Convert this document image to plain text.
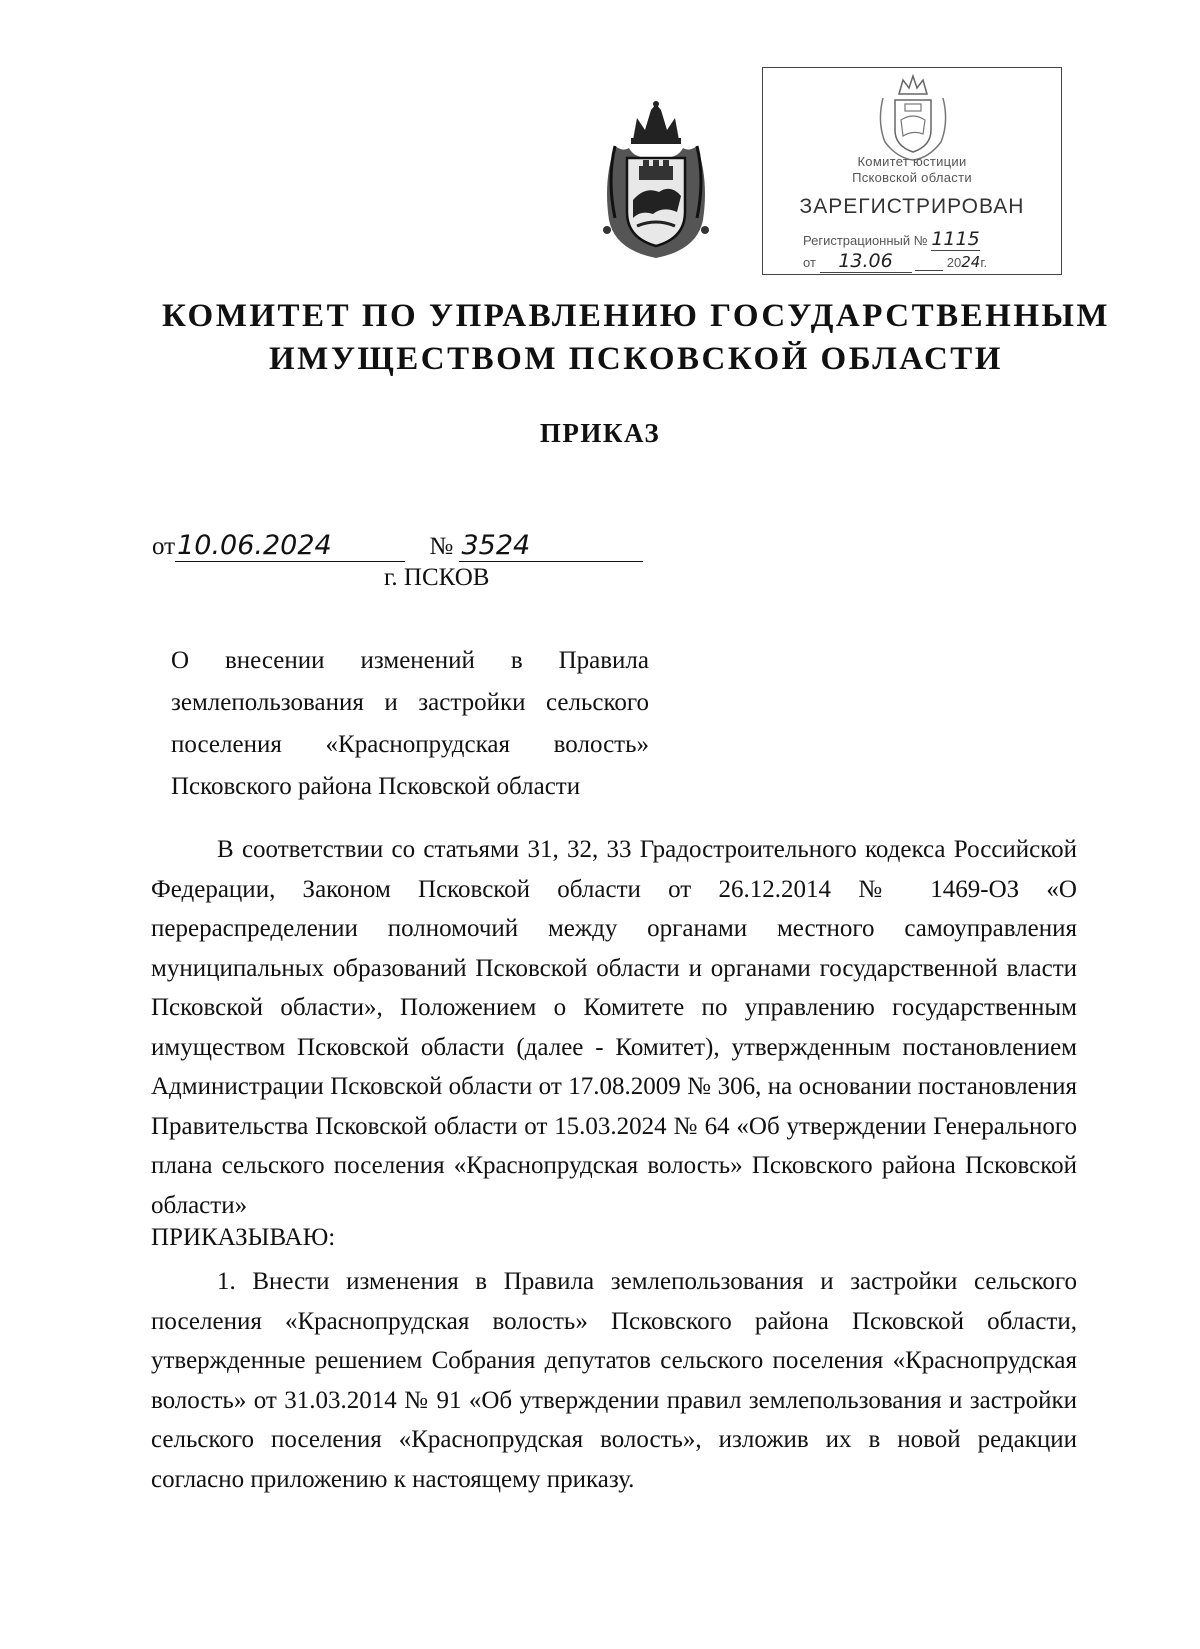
Комитет юстиции
Псковской области
ЗАРЕГИСТРИРОВАН
Регистрационный № 1115
от 13.06	2024г.
КОМИТЕТ ПО УПРАВЛЕНИЮ ГОСУДАРСТВЕННЫМ
ИМУЩЕСТВОМ ПСКОВСКОЙ ОБЛАСТИ
ПРИКАЗ
от10.06.2024	№ 3524
г. ПСКОВ
О внесении изменений в Правила землепользования и застройки сельского поселения «Краснопрудская волость» Псковского района Псковской области
В соответствии со статьями 31, 32, 33 Градостроительного кодекса Российской Федерации, Законом Псковской области от 26.12.2014 № 1469-ОЗ «О перераспределении полномочий между органами местного самоуправления муниципальных образований Псковской области и органами государственной власти Псковской области», Положением о Комитете по управлению государственным имуществом Псковской области (далее - Комитет), утвержденным постановлением Администрации Псковской области от 17.08.2009 № 306, на основании постановления Правительства Псковской области от 15.03.2024 № 64 «Об утверждении Генерального плана сельского поселения «Краснопрудская волость» Псковского района Псковской области»
ПРИКАЗЫВАЮ:
1. Внести изменения в Правила землепользования и застройки сельского поселения «Краснопрудская волость» Псковского района Псковской области, утвержденные решением Собрания депутатов сельского поселения «Краснопрудская волость» от 31.03.2014 № 91 «Об утверждении правил землепользования и застройки сельского поселения «Краснопрудская волость», изложив их в новой редакции согласно приложению к настоящему приказу.
